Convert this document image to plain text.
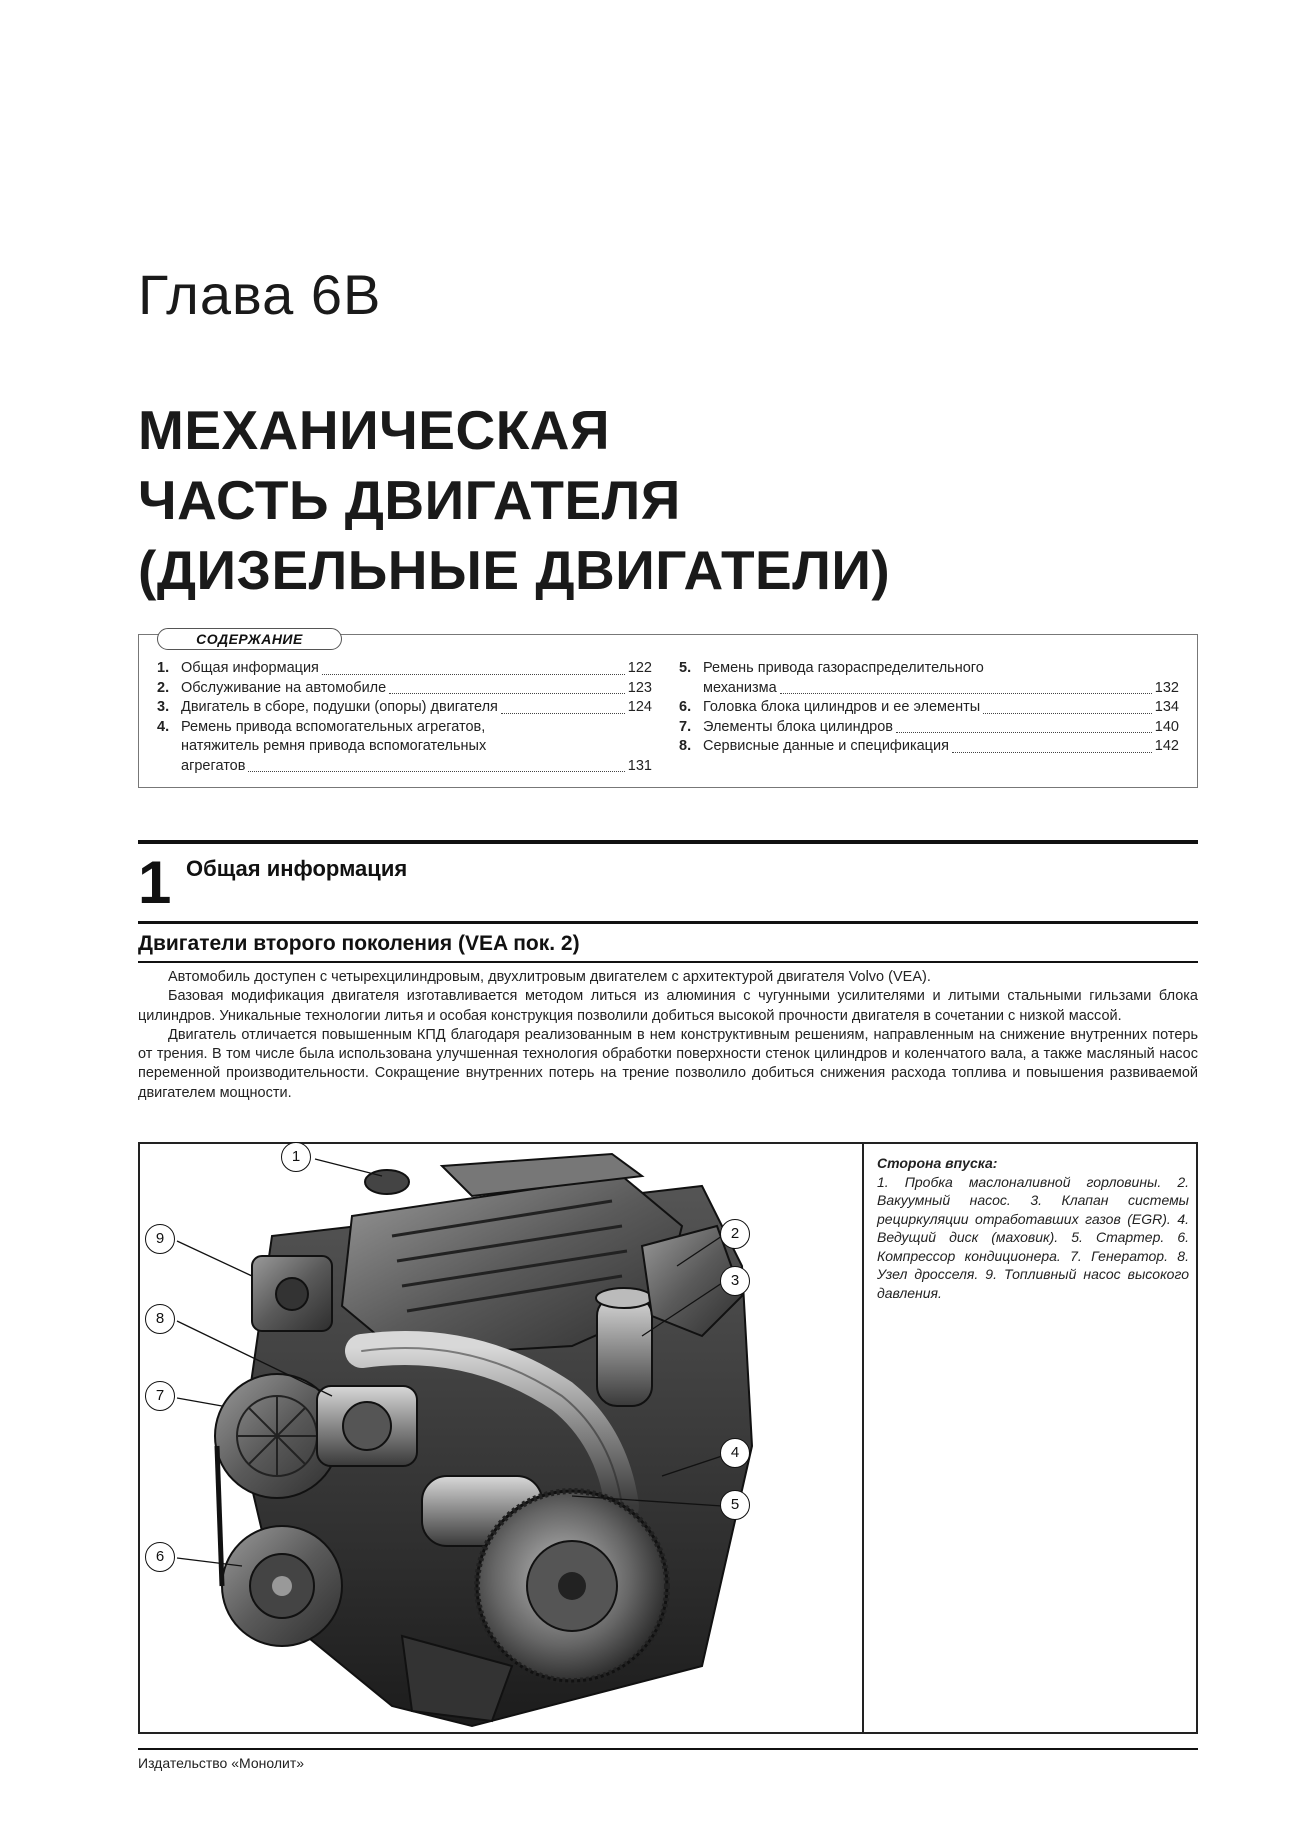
Глава 6В
МЕХАНИЧЕСКАЯ
ЧАСТЬ ДВИГАТЕЛЯ
(ДИЗЕЛЬНЫЕ ДВИГАТЕЛИ)
СОДЕРЖАНИЕ
1. Общая информация	122
2. Обслуживание на автомобиле	123
3. Двигатель в сборе, подушки (опоры) двигателя	124
4. Ремень привода вспомогательных агрегатов,
натяжитель ремня привода вспомогательных
агрегатов	131
5. Ремень привода газораспределительного
механизма	132
6. Головка блока цилиндров и ее элементы	134
7. Элементы блока цилиндров	140
8. Сервисные данные и спецификация	142
1 Общая информация
Двигатели второго поколения (VEA пок. 2)

Автомобиль доступен с четырехцилиндровым, двухлитровым двигателем с архитектурой двигателя Volvo (VEA).

Базовая модификация двигателя изготавливается методом литься из алюминия с чугунными усилителями и литыми стальными гильзами блока цилиндров. Уникальные технологии литья и особая конструкция позволили добиться высокой прочности двигателя в сочетании с низкой массой.

Двигатель отличается повышенным КПД благодаря реализованным в нем конструктивным решениям, направленным на снижение внутренних потерь от трения. В том числе была использована улучшенная технология обработки поверхности стенок цилиндров и коленчатого вала, а также масляный насос переменной производительности. Сокращение внутренних потерь на трение позволило добиться снижения расхода топлива и повышения развиваемой двигателем мощности.

1
2
3
4
5
6
7
8
9
Сторона впуска:
1. Пробка маслоналивной горловины. 2. Вакуумный насос. 3. Клапан системы рециркуляции отработавших газов (EGR). 4. Ведущий диск (маховик). 5. Стартер. 6. Компрессор кондиционера. 7. Генератор. 8. Узел дросселя. 9. Топливный насос высокого давления.
Издательство «Монолит»
